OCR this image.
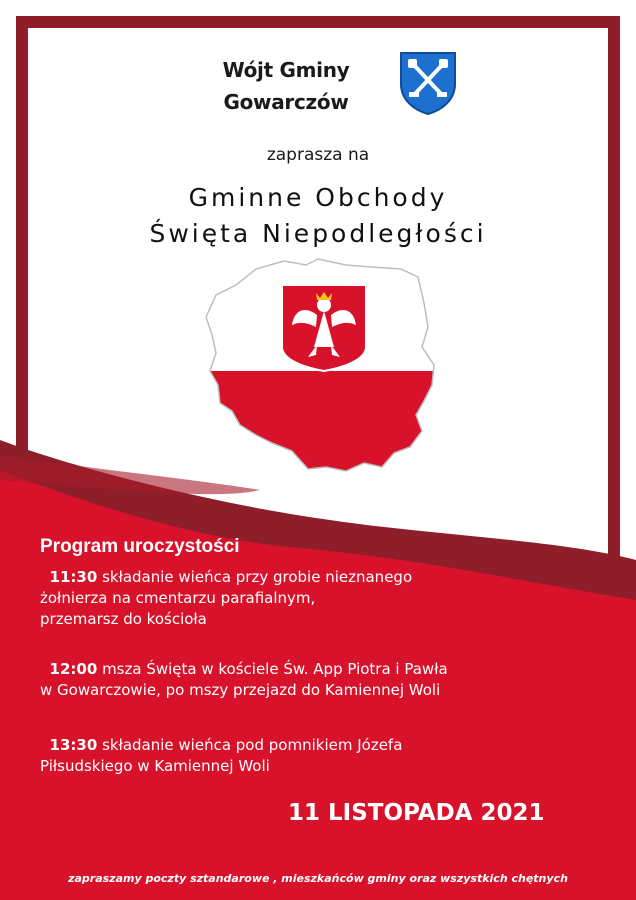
Wójt Gminy
Gowarczów
zaprasza na
Gminne Obchody
Święta Niepodległości
Program uroczystości
11:30 składanie wieńca przy grobie nieznanego
żołnierza na cmentarzu parafialnym,
przemarsz do kościoła
12:00 msza Święta w kościele Św. App Piotra i Pawła
w Gowarczowie, po mszy przejazd do Kamiennej Woli
13:30 składanie wieńca pod pomnikiem Józefa
Piłsudskiego w Kamiennej Woli
11 LISTOPADA 2021
zapraszamy poczty sztandarowe , mieszkańców gminy oraz wszystkich chętnych
